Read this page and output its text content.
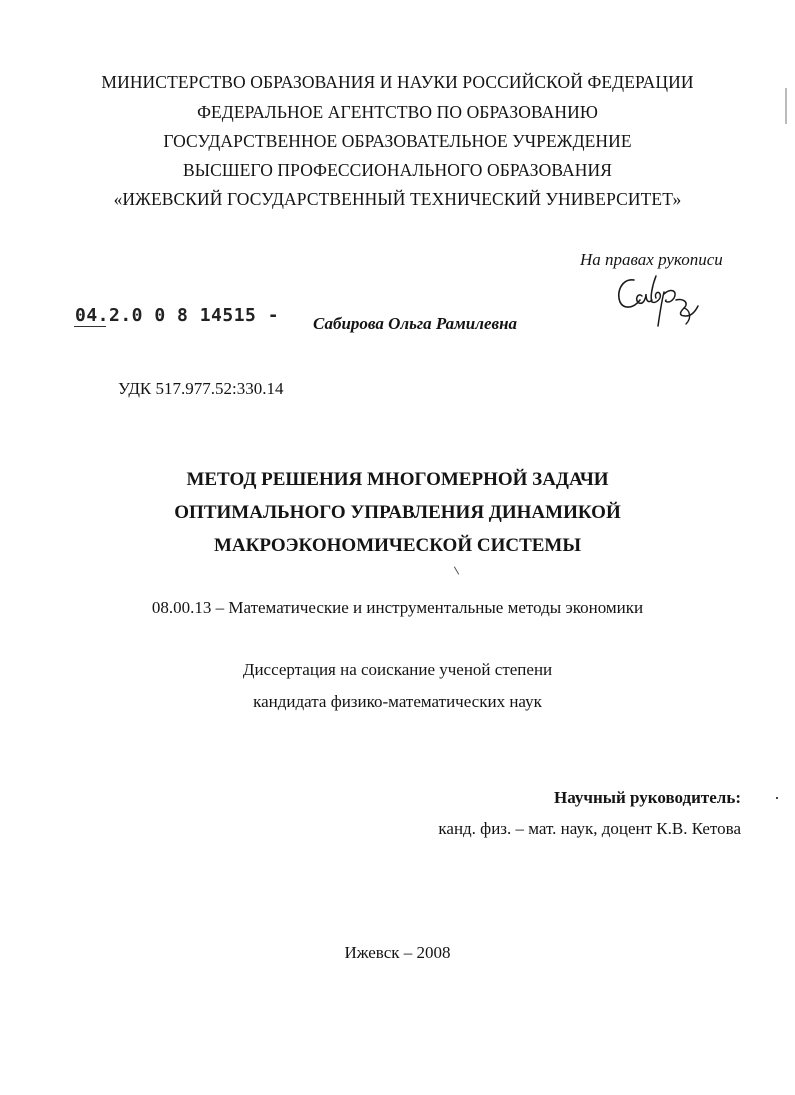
МИНИСТЕРСТВО ОБРАЗОВАНИЯ И НАУКИ РОССИЙСКОЙ ФЕДЕРАЦИИ
ФЕДЕРАЛЬНОЕ АГЕНТСТВО ПО ОБРАЗОВАНИЮ
ГОСУДАРСТВЕННОЕ ОБРАЗОВАТЕЛЬНОЕ УЧРЕЖДЕНИЕ
ВЫСШЕГО ПРОФЕССИОНАЛЬНОГО ОБРАЗОВАНИЯ
«ИЖЕВСКИЙ ГОСУДАРСТВЕННЫЙ ТЕХНИЧЕСКИЙ УНИВЕРСИТЕТ»
На правах рукописи
04.2.0 0 8 14515 - Сабирова Ольга Рамилевна
УДК 517.977.52:330.14
МЕТОД РЕШЕНИЯ МНОГОМЕРНОЙ ЗАДАЧИ
ОПТИМАЛЬНОГО УПРАВЛЕНИЯ ДИНАМИКОЙ
МАКРОЭКОНОМИЧЕСКОЙ СИСТЕМЫ
08.00.13 – Математические и инструментальные методы экономики
Диссертация на соискание ученой степени
кандидата физико-математических наук
Научный руководитель:
канд. физ. – мат. наук, доцент К.В. Кетова
Ижевск – 2008
